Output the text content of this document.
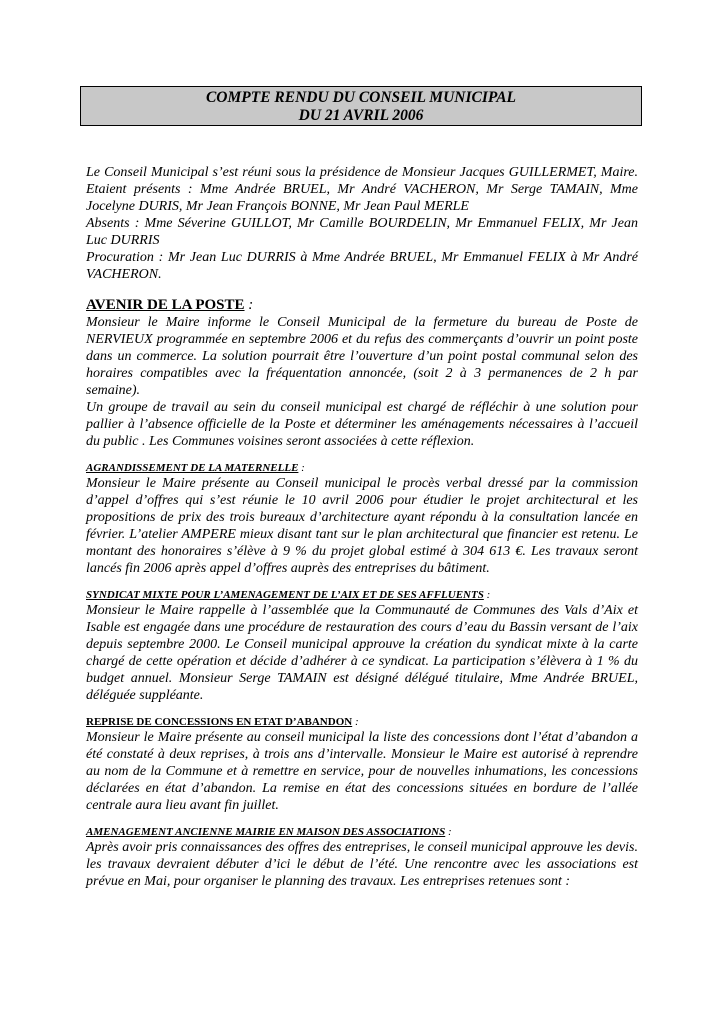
COMPTE RENDU DU CONSEIL MUNICIPAL
DU 21 AVRIL 2006

Le Conseil Municipal s’est réuni sous la présidence de Monsieur Jacques GUILLERMET, Maire. Etaient présents : Mme Andrée BRUEL, Mr André VACHERON, Mr Serge TAMAIN, Mme Jocelyne DURIS, Mr Jean François BONNE, Mr Jean Paul MERLE

Absents : Mme Séverine GUILLOT, Mr Camille BOURDELIN, Mr Emmanuel FELIX, Mr Jean Luc DURRIS

Procuration : Mr Jean Luc DURRIS à Mme Andrée BRUEL, Mr Emmanuel FELIX à Mr André VACHERON.

AVENIR DE LA POSTE :

Monsieur le Maire informe le Conseil Municipal de la fermeture du bureau de Poste de NERVIEUX programmée en septembre 2006 et du refus des commerçants d’ouvrir un point poste dans un commerce. La solution pourrait être l’ouverture d’un point postal communal selon des horaires compatibles avec la fréquentation annoncée, (soit 2 à 3 permanences de 2 h par semaine).

Un groupe de travail au sein du conseil municipal est chargé de réfléchir à une solution pour pallier à l’absence officielle de la Poste et déterminer les aménagements nécessaires à l’accueil du public . Les Communes voisines seront associées à cette réflexion.

AGRANDISSEMENT DE LA MATERNELLE :

Monsieur le Maire présente au Conseil municipal le procès verbal dressé par la commission d’appel d’offres qui s’est réunie le 10 avril 2006 pour étudier le projet architectural et les propositions de prix des trois bureaux d’architecture ayant répondu à la consultation lancée en février. L’atelier AMPERE mieux disant tant sur le plan architectural que financier est retenu. Le montant des honoraires s’élève à 9 % du projet global estimé à 304 613 €. Les travaux seront lancés fin 2006 après appel d’offres auprès des entreprises du bâtiment.

SYNDICAT MIXTE POUR L’AMENAGEMENT DE L’AIX ET DE SES AFFLUENTS :

Monsieur le Maire rappelle à l’assemblée que la Communauté de Communes des Vals d’Aix et Isable est engagée dans une procédure de restauration des cours d’eau du Bassin versant de l’aix depuis septembre 2000. Le Conseil municipal approuve la création du syndicat mixte à la carte chargé de cette opération et décide d’adhérer à ce syndicat. La participation s’élèvera à 1 % du budget annuel. Monsieur Serge TAMAIN est désigné délégué titulaire, Mme Andrée BRUEL, déléguée suppléante.

REPRISE DE CONCESSIONS EN ETAT D’ABANDON :

Monsieur le Maire présente au conseil municipal la liste des concessions dont l’état d’abandon a été constaté à deux reprises, à trois ans d’intervalle. Monsieur le Maire est autorisé à reprendre au nom de la Commune et à remettre en service, pour de nouvelles inhumations, les concessions déclarées en état d’abandon. La remise en état des concessions situées en bordure de l’allée centrale aura lieu avant fin juillet.

AMENAGEMENT ANCIENNE MAIRIE EN MAISON DES ASSOCIATIONS :

Après avoir pris connaissances des offres des entreprises, le conseil municipal approuve les devis. les travaux devraient débuter d’ici le début de l’été. Une rencontre avec les associations est prévue en Mai, pour organiser le planning des travaux. Les entreprises retenues sont :
